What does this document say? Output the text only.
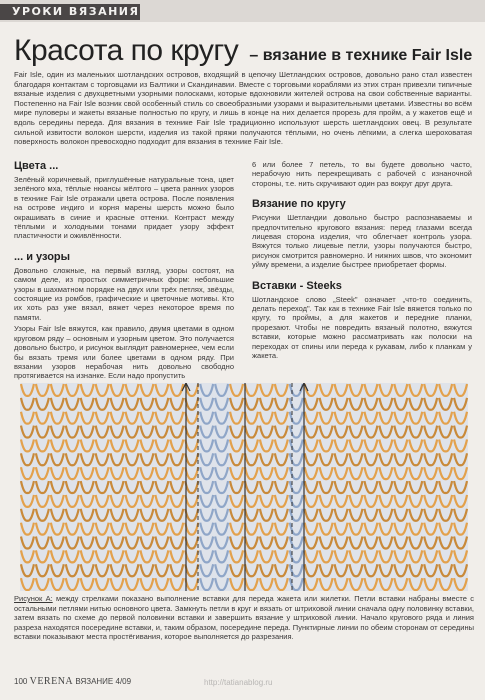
УРОКИ ВЯЗАНИЯ
Красота по кругу – вязание в технике Fair Isle

Fair Isle, один из маленьких шотландских островов, входящий в цепочку Шетландских островов, довольно рано стал известен благодаря контактам с торговцами из Балтики и Скандинавии. Вместе с торговыми кораблями из этих стран привезли типичные вязаные изделия с двухцветными узорными полосками, которые вдохновили жителей острова на свои собственные варианты. Постепенно на Fair Isle возник свой особенный стиль со своеобразными узорами и выразительными цветами. Известны во всём мире пуловеры и жакеты вязаные полностью по кругу, и лишь в конце на них делается прорезь для пройм, а у жакетов ещё и вдоль середины переда. Для вязания в технике Fair Isle традиционно используют шерсть шетландских овец. В результате сильной извитости волокон шерсти, изделия из такой пряжи получаются тёплыми, но очень лёгкими, а слегка шероховатая поверхность волокон превосходно подходит для вязания в технике Fair Isle.

Цвета ...

Зелёный коричневый, приглушённые натуральные тона, цвет зелёного мха, тёплые нюансы жёлтого – цвета ранних узоров в технике Fair Isle отражали цвета острова. После появления на острове индиго и корня марены шерсть можно было окрашивать в синие и красные оттенки. Контраст между тёплыми и холодными тонами придает узору эффект пластичности и оживлённости.

... и узоры

Довольно сложные, на первый взгляд, узоры состоят, на самом деле, из простых симметричных форм: небольшие узоры в шахматном порядке на двух или трёх петлях, звёзды, состоящие из ромбов, графические и цветочные мотивы. Кто их хоть раз уже вязал, вяжет через некоторое время по памяти.

Узоры Fair Isle вяжутся, как правило, двумя цветами в одном круговом ряду – основным и узорным цветом. Это получается довольно быстро, и рисунок выглядит равномернее, чем если бы вязать тремя или более цветами в одном ряду. При вязании узоров нерабочая нить довольно свободно протягивается на изнанке. Если надо пропустить

6 или более 7 петель, то вы будете довольно часто, нерабочую нить перекрещивать с рабочей с изнаночной стороны, т.е. нить скручивают один раз вокруг друг друга.

Вязание по кругу

Рисунки Шетландии довольно быстро распознаваемы и предпочтительно кругового вязания: перед глазами всегда лицевая сторона изделия, что облегчает контроль узора. Вяжутся только лицевые петли, узоры получаются быстро, рисунок смотрится равномерно. И нижних швов, что экономит уйму времени, а изделие быстрее приобретает формы.

Вставки - Steeks

Шотландское слово „Steek" означает „что-то соединить, делать переход". Так как в технике Fair Isle вяжется только по кругу, то проймы, а для жакетов и передние планки, прорезают. Чтобы не повредить вязаный полотно, вяжутся вставки, которые можно рассматривать как полоски на переходах от спины или переда к рукавам, либо к планкам у жакета.

Рисунок A: между стрелками показано выполнение вставки для переда жакета или жилетки. Петли вставки набраны вместе с остальными петлями нитью основного цвета. Замкнуть петли в круг и вязать от штриховой линии сначала одну половинку вставки, затем вязать по схеме до первой половинки вставки и завершить вязание у штриховой линии. Начало кругового ряда и линия разреза находятся посередине вставки, и, таким образом, посередине переда. Пунктирные линии по обеим сторонам от середины вставки показывают места простёгивания, которое выполняется до разрезания.

100 VERENA ВЯЗАНИЕ 4/09	http://tatianablog.ru
